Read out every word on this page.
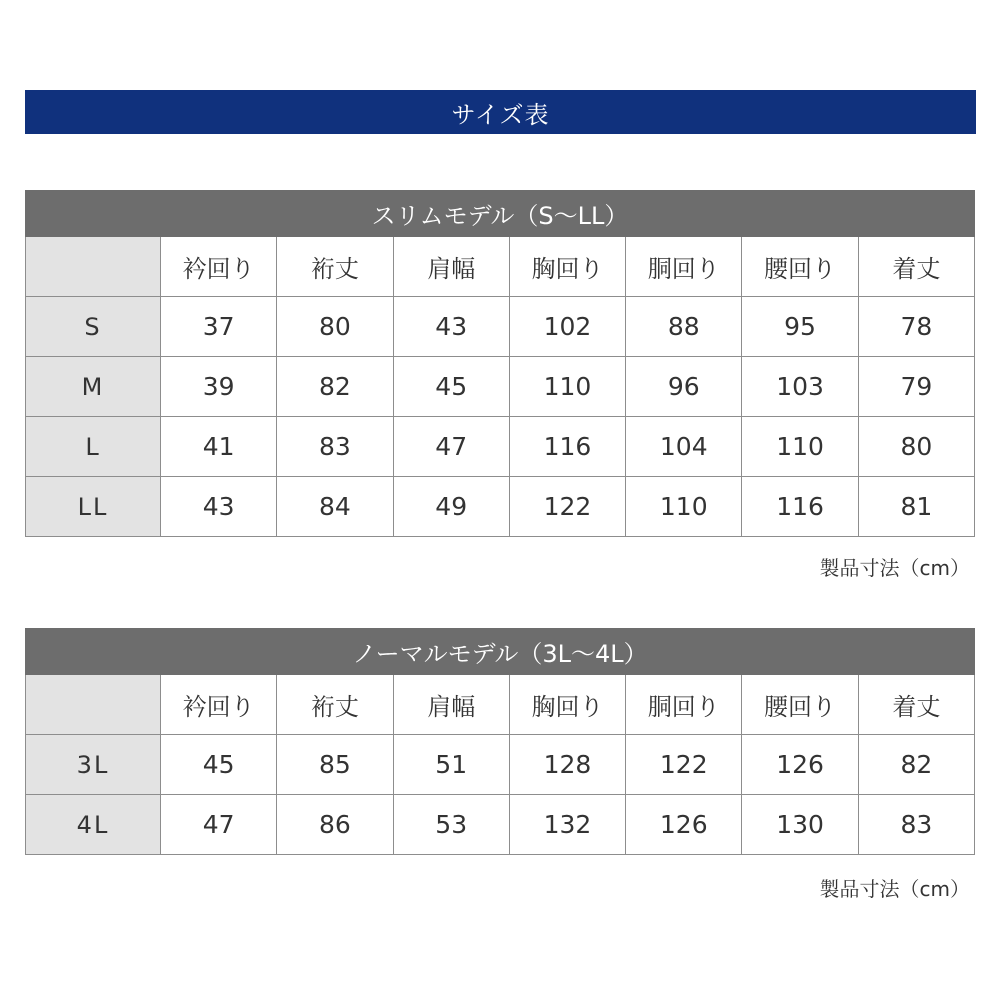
サイズ表
スリムモデル（S～LL）							
	衿回り	裄丈	肩幅	胸回り	胴回り	腰回り	着丈
S	37	80	43	102	88	95	78
M	39	82	45	110	96	103	79
L	41	83	47	116	104	110	80
LL	43	84	49	122	110	116	81
製品寸法（cm）
ノーマルモデル（3L～4L）							
	衿回り	裄丈	肩幅	胸回り	胴回り	腰回り	着丈
3L	45	85	51	128	122	126	82
4L	47	86	53	132	126	130	83
製品寸法（cm）
